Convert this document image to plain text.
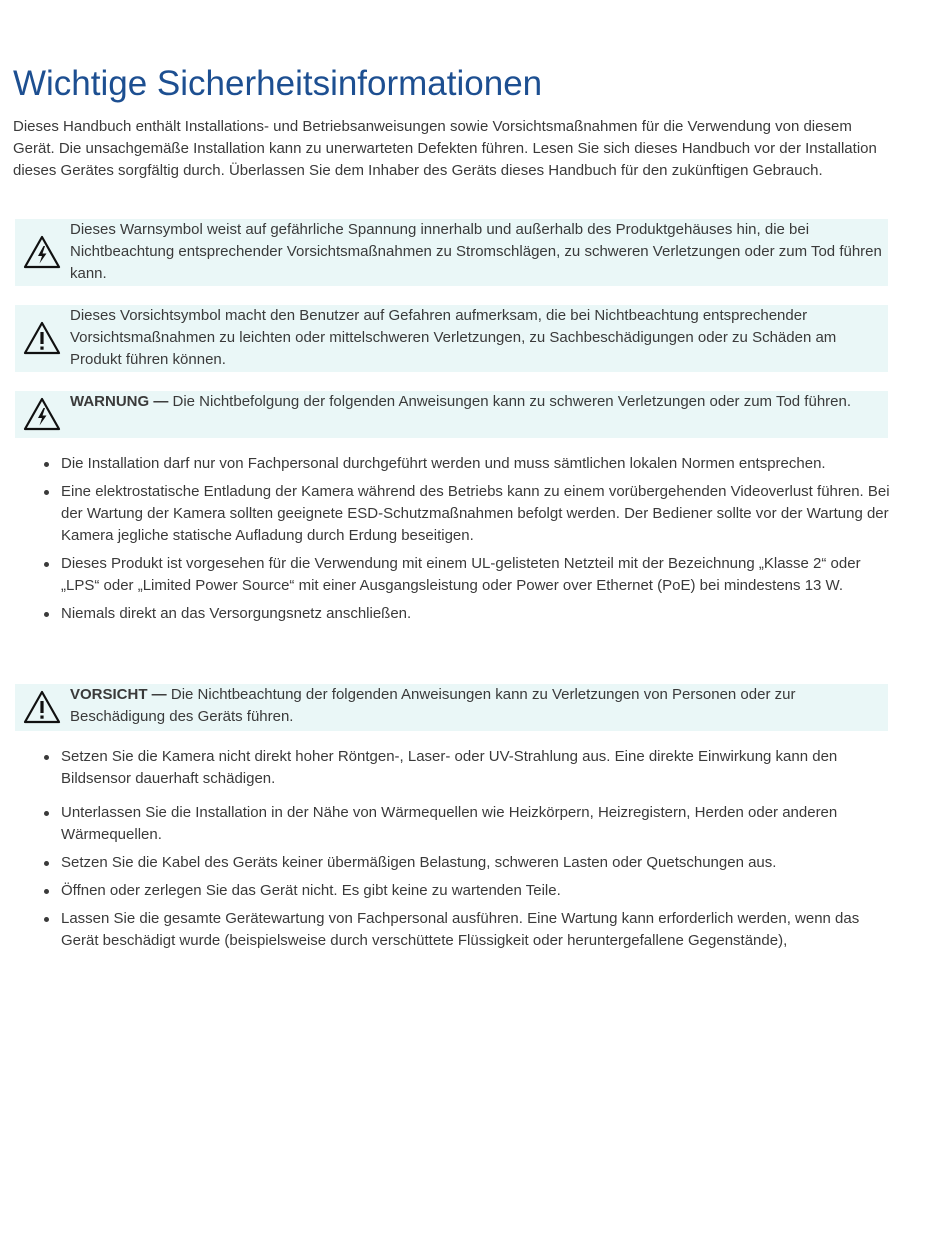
Wichtige Sicherheitsinformationen

Dieses Handbuch enthält Installations- und Betriebsanweisungen sowie Vorsichtsmaßnahmen für die Verwendung von diesem Gerät. Die unsachgemäße Installation kann zu unerwarteten Defekten führen. Lesen Sie sich dieses Handbuch vor der Installation dieses Gerätes sorgfältig durch. Überlassen Sie dem Inhaber des Geräts dieses Handbuch für den zukünftigen Gebrauch.

Dieses Warnsymbol weist auf gefährliche Spannung innerhalb und außerhalb des Produktgehäuses hin, die bei Nichtbeachtung entsprechender Vorsichtsmaßnahmen zu Stromschlägen, zu schweren Verletzungen oder zum Tod führen kann.
Dieses Vorsichtsymbol macht den Benutzer auf Gefahren aufmerksam, die bei Nichtbeachtung entsprechender Vorsichtsmaßnahmen zu leichten oder mittelschweren Verletzungen, zu Sachbeschädigungen oder zu Schäden am Produkt führen können.
WARNUNG — Die Nichtbefolgung der folgenden Anweisungen kann zu schweren Verletzungen oder zum Tod führen.
Die Installation darf nur von Fachpersonal durchgeführt werden und muss sämtlichen lokalen Normen entsprechen.
Eine elektrostatische Entladung der Kamera während des Betriebs kann zu einem vorübergehenden Videoverlust führen. Bei der Wartung der Kamera sollten geeignete ESD-Schutzmaßnahmen befolgt werden. Der Bediener sollte vor der Wartung der Kamera jegliche statische Aufladung durch Erdung beseitigen.
Dieses Produkt ist vorgesehen für die Verwendung mit einem UL-gelisteten Netzteil mit der Bezeichnung „Klasse 2“ oder „LPS“ oder „Limited Power Source“ mit einer Ausgangsleistung oder Power over Ethernet (PoE) bei mindestens 13 W.
Niemals direkt an das Versorgungsnetz anschließen.
VORSICHT — Die Nichtbeachtung der folgenden Anweisungen kann zu Verletzungen von Personen oder zur Beschädigung des Geräts führen.
Setzen Sie die Kamera nicht direkt hoher Röntgen-, Laser- oder UV-Strahlung aus. Eine direkte Einwirkung kann den Bildsensor dauerhaft schädigen.
Unterlassen Sie die Installation in der Nähe von Wärmequellen wie Heizkörpern, Heizregistern, Herden oder anderen Wärmequellen.
Setzen Sie die Kabel des Geräts keiner übermäßigen Belastung, schweren Lasten oder Quetschungen aus.
Öffnen oder zerlegen Sie das Gerät nicht. Es gibt keine zu wartenden Teile.
Lassen Sie die gesamte Gerätewartung von Fachpersonal ausführen. Eine Wartung kann erforderlich werden, wenn das Gerät beschädigt wurde (beispielsweise durch verschüttete Flüssigkeit oder heruntergefallene Gegenstände),
